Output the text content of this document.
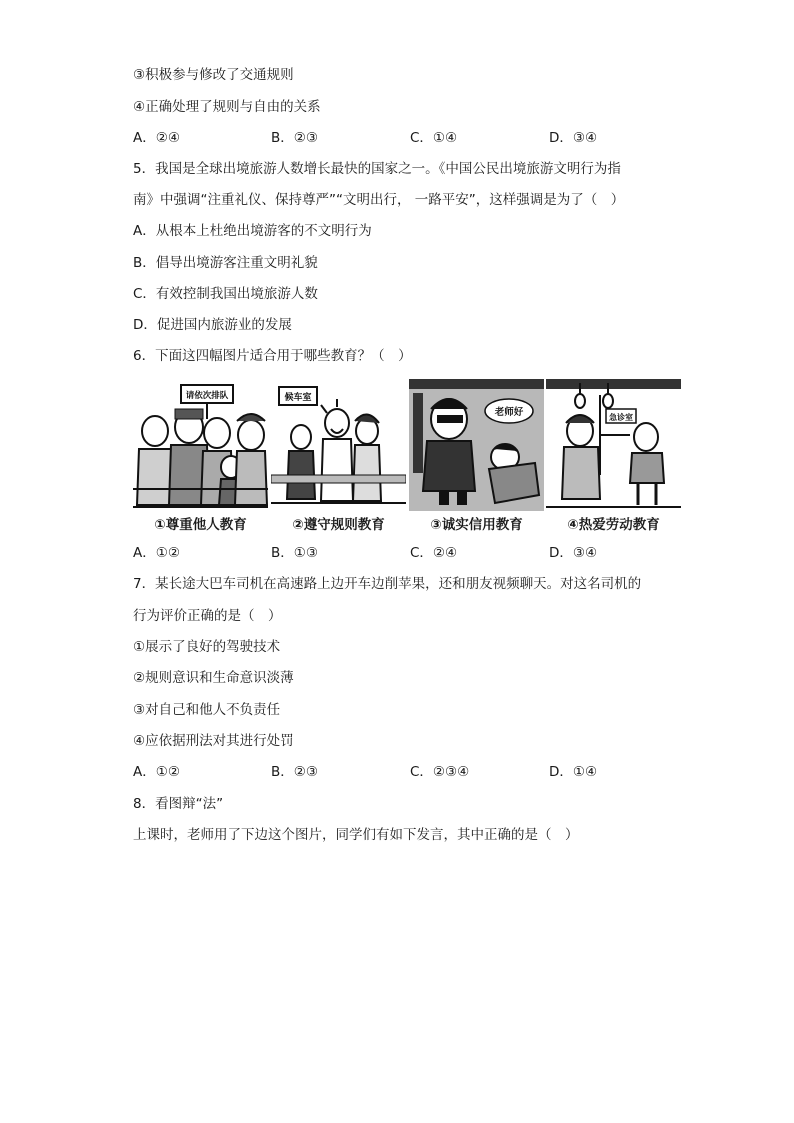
③积极参与修改了交通规则
④正确处理了规则与自由的关系
A．②④	B．②③	C．①④	D．③④
5．我国是全球出境旅游人数增长最快的国家之一。《中国公民出境旅游文明行为指
南》中强调“注重礼仪、保持尊严”“文明出行， 一路平安”，这样强调是为了（　）
A．从根本上杜绝出境游客的不文明行为
B．倡导出境游客注重文明礼貌
C．有效控制我国出境旅游人数
D．促进国内旅游业的发展
6．下面这四幅图片适合用于哪些教育？（　）
请依次排队
①尊重他人教育
候车室
②遵守规则教育
老师好
③诚实信用教育
急诊室
④热爱劳动教育
A．①②	B．①③	C．②④	D．③④
7．某长途大巴车司机在高速路上边开车边削苹果，还和朋友视频聊天。对这名司机的
行为评价正确的是（　）
①展示了良好的驾驶技术
②规则意识和生命意识淡薄
③对自己和他人不负责任
④应依据刑法对其进行处罚
A．①②	B．②③	C．②③④	D．①④
8．看图辩“法”
上课时，老师用了下边这个图片，同学们有如下发言，其中正确的是（　）
